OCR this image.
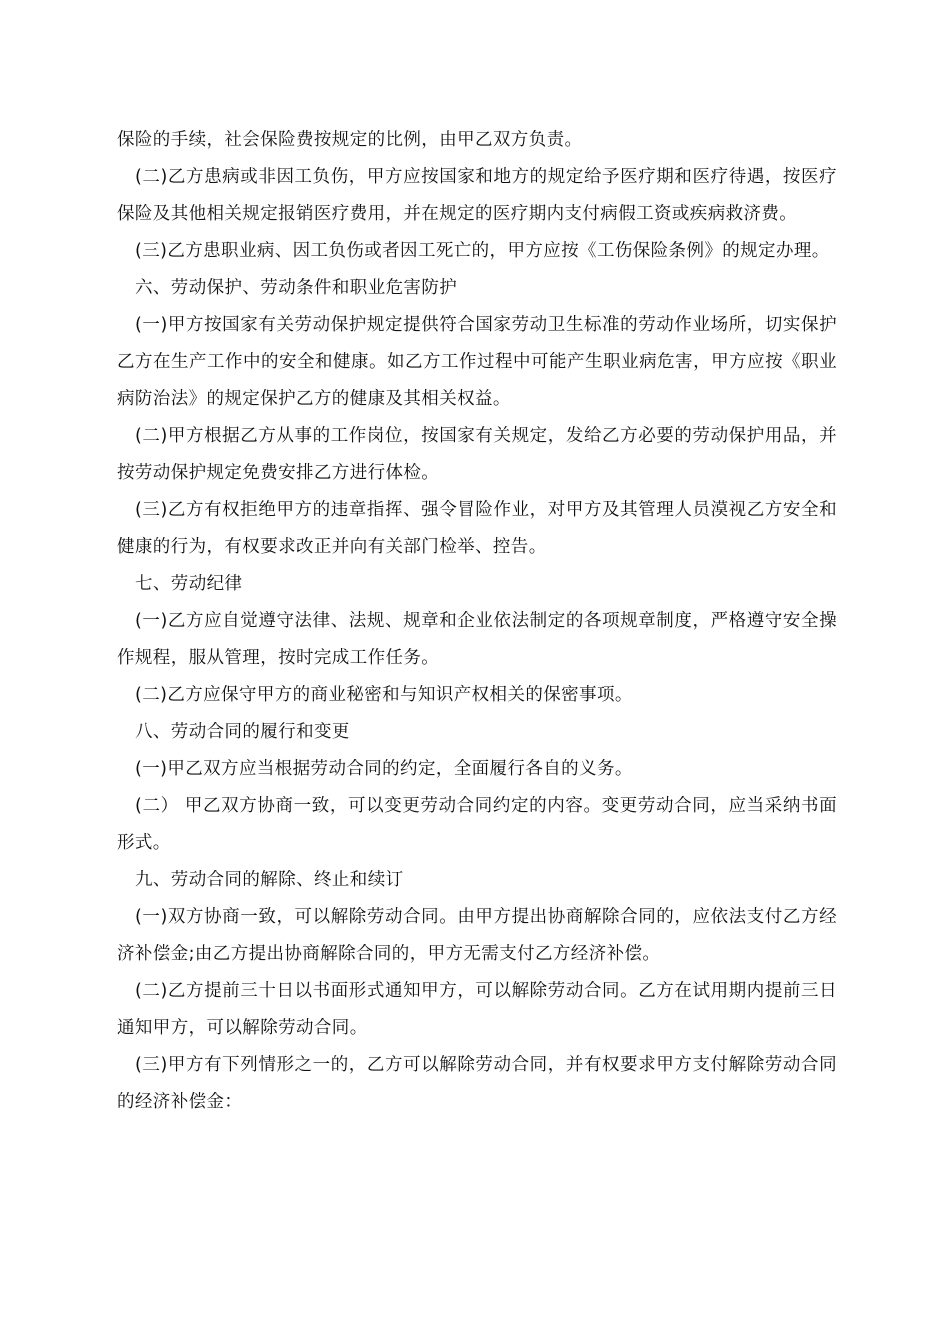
保险的手续，社会保险费按规定的比例，由甲乙双方负责。

(二)乙方患病或非因工负伤，甲方应按国家和地方的规定给予医疗期和医疗待遇，按医疗保险及其他相关规定报销医疗费用，并在规定的医疗期内支付病假工资或疾病救济费。

(三)乙方患职业病、因工负伤或者因工死亡的，甲方应按《工伤保险条例》的规定办理。

六、劳动保护、劳动条件和职业危害防护

(一)甲方按国家有关劳动保护规定提供符合国家劳动卫生标准的劳动作业场所，切实保护乙方在生产工作中的安全和健康。如乙方工作过程中可能产生职业病危害，甲方应按《职业病防治法》的规定保护乙方的健康及其相关权益。

(二)甲方根据乙方从事的工作岗位，按国家有关规定，发给乙方必要的劳动保护用品，并按劳动保护规定免费安排乙方进行体检。

(三)乙方有权拒绝甲方的违章指挥、强令冒险作业，对甲方及其管理人员漠视乙方安全和健康的行为，有权要求改正并向有关部门检举、控告。

七、劳动纪律

(一)乙方应自觉遵守法律、法规、规章和企业依法制定的各项规章制度，严格遵守安全操作规程，服从管理，按时完成工作任务。

(二)乙方应保守甲方的商业秘密和与知识产权相关的保密事项。

八、劳动合同的履行和变更

(一)甲乙双方应当根据劳动合同的约定，全面履行各自的义务。

(二） 甲乙双方协商一致，可以变更劳动合同约定的内容。变更劳动合同，应当采纳书面形式。

九、劳动合同的解除、终止和续订

(一)双方协商一致，可以解除劳动合同。由甲方提出协商解除合同的，应依法支付乙方经济补偿金;由乙方提出协商解除合同的，甲方无需支付乙方经济补偿。

(二)乙方提前三十日以书面形式通知甲方，可以解除劳动合同。乙方在试用期内提前三日通知甲方，可以解除劳动合同。

(三)甲方有下列情形之一的，乙方可以解除劳动合同，并有权要求甲方支付解除劳动合同的经济补偿金：
